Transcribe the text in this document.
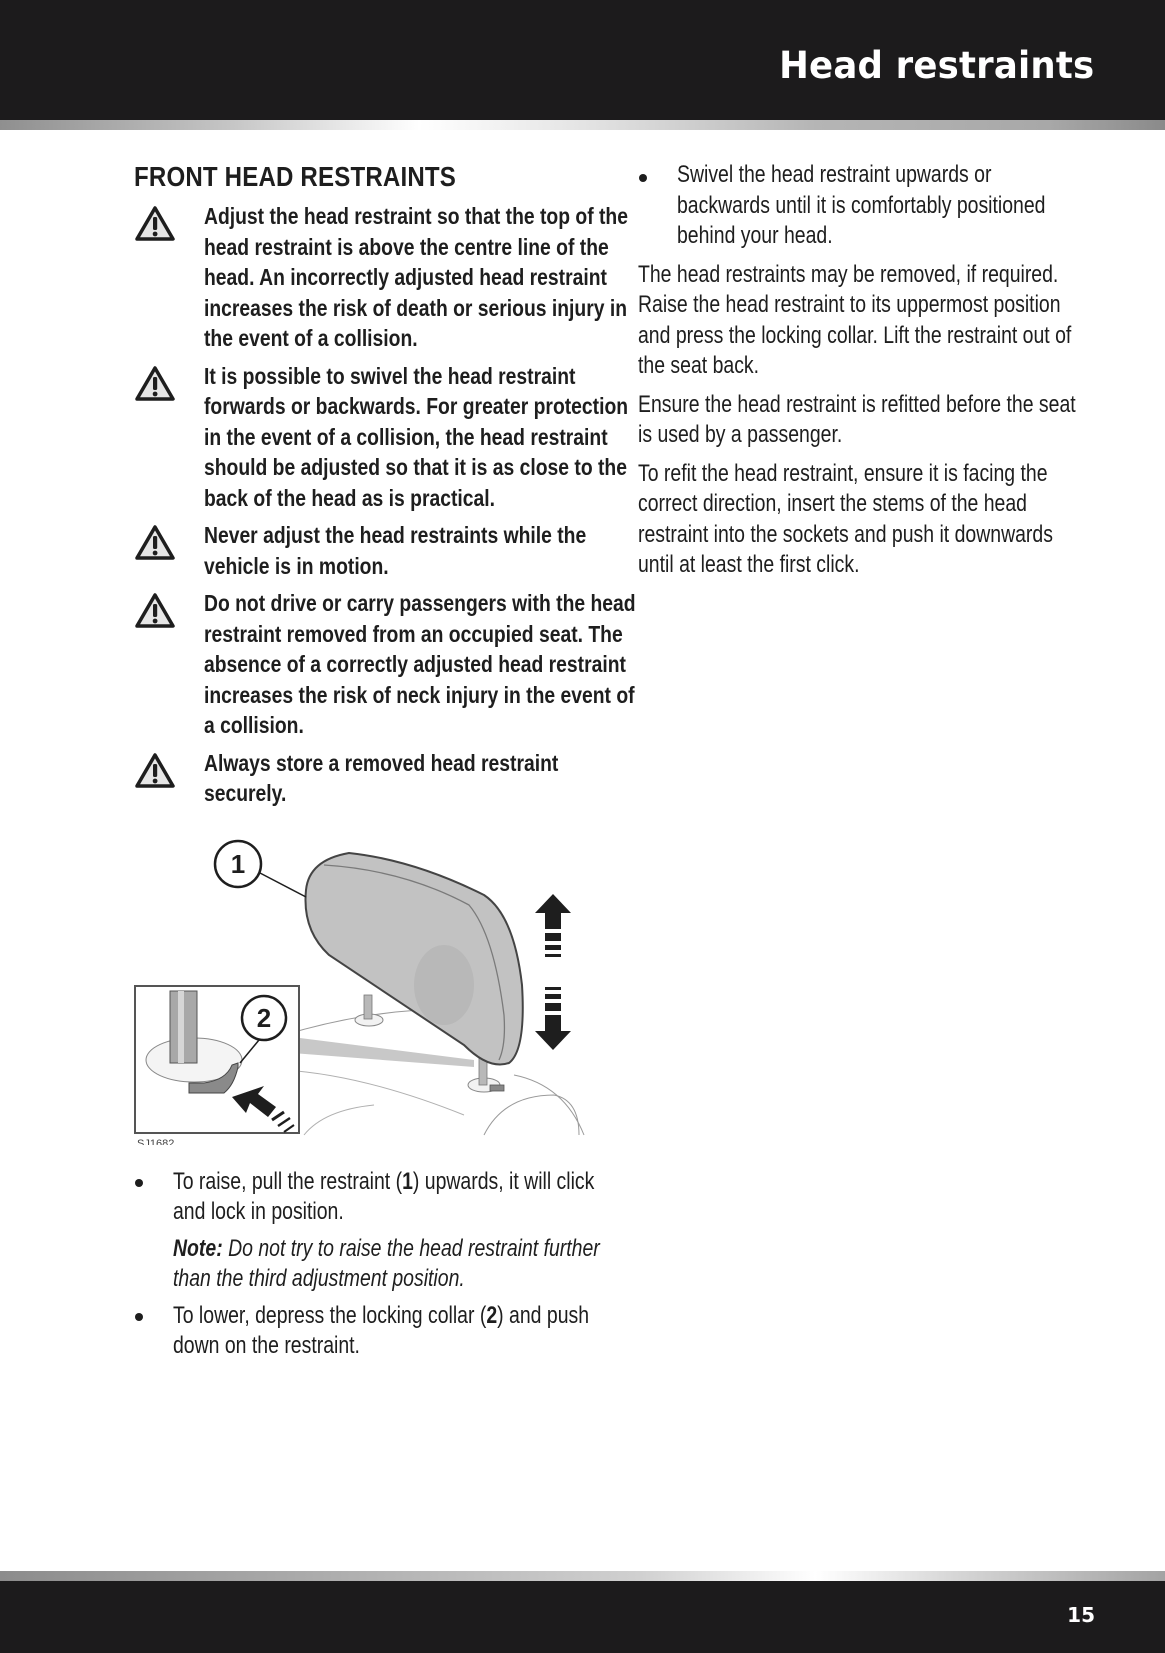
Head restraints
FRONT HEAD RESTRAINTS
Adjust the head restraint so that the top of the head restraint is above the centre line of the head. An incorrectly adjusted head restraint increases the risk of death or serious injury in the event of a collision.
It is possible to swivel the head restraint forwards or backwards. For greater protection in the event of a collision, the head restraint should be adjusted so that it is as close to the back of the head as is practical.
Never adjust the head restraints while the vehicle is in motion.
Do not drive or carry passengers with the head restraint removed from an occupied seat. The absence of a correctly adjusted head restraint increases the risk of neck injury in the event of a collision.
Always store a removed head restraint securely.
1
2
SJ1682
To raise, pull the restraint (1) upwards, it will click and lock in position.
Note: Do not try to raise the head restraint further than the third adjustment position.
To lower, depress the locking collar (2) and push down on the restraint.
Swivel the head restraint upwards or backwards until it is comfortably positioned behind your head.
The head restraints may be removed, if required. Raise the head restraint to its uppermost position and press the locking collar. Lift the restraint out of the seat back.
Ensure the head restraint is refitted before the seat is used by a passenger.
To refit the head restraint, ensure it is facing the correct direction, insert the stems of the head restraint into the sockets and push it downwards until at least the first click.
15
